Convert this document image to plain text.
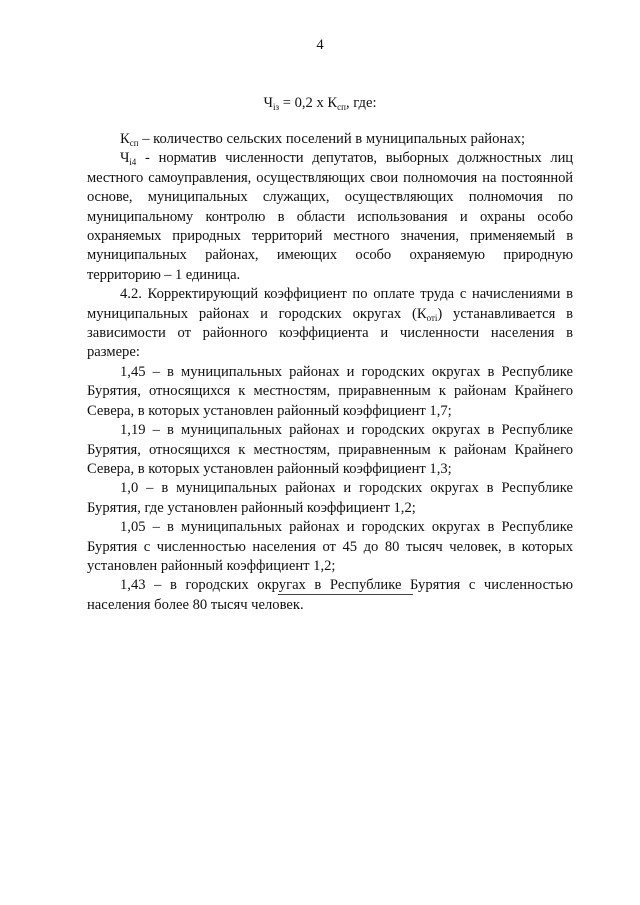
4
$Ч_{iз} = 0,2$ х $К_{сп}$, где:

$К_{сп}$ – количество сельских поселений в муниципальных районах;

$Ч_{i4}$ - норматив численности депутатов, выборных должностных лиц местного самоуправления, осуществляющих свои полномочия на постоянной основе, муниципальных служащих, осуществляющих полномочия по муниципальному контролю в области использования и охраны особо охраняемых природных территорий местного значения, применяемый в муниципальных районах, имеющих особо охраняемую природную территорию – 1 единица.

4.2. Корректирующий коэффициент по оплате труда с начислениями в муниципальных районах и городских округах $(К_{отi})$ устанавливается в зависимости от районного коэффициента и численности населения в размере:

1,45 – в муниципальных районах и городских округах в Республике Бурятия, относящихся к местностям, приравненным к районам Крайнего Севера, в которых установлен районный коэффициент 1,7;

1,19 – в муниципальных районах и городских округах в Республике Бурятия, относящихся к местностям, приравненным к районам Крайнего Севера, в которых установлен районный коэффициент 1,3;

1,0 – в муниципальных районах и городских округах в Республике Бурятия, где установлен районный коэффициент 1,2;

1,05 – в муниципальных районах и городских округах в Республике Бурятия с численностью населения от 45 до 80 тысяч человек, в которых установлен районный коэффициент 1,2;

1,43 – в городских округах в Республике Бурятия с численностью населения более 80 тысяч человек.
